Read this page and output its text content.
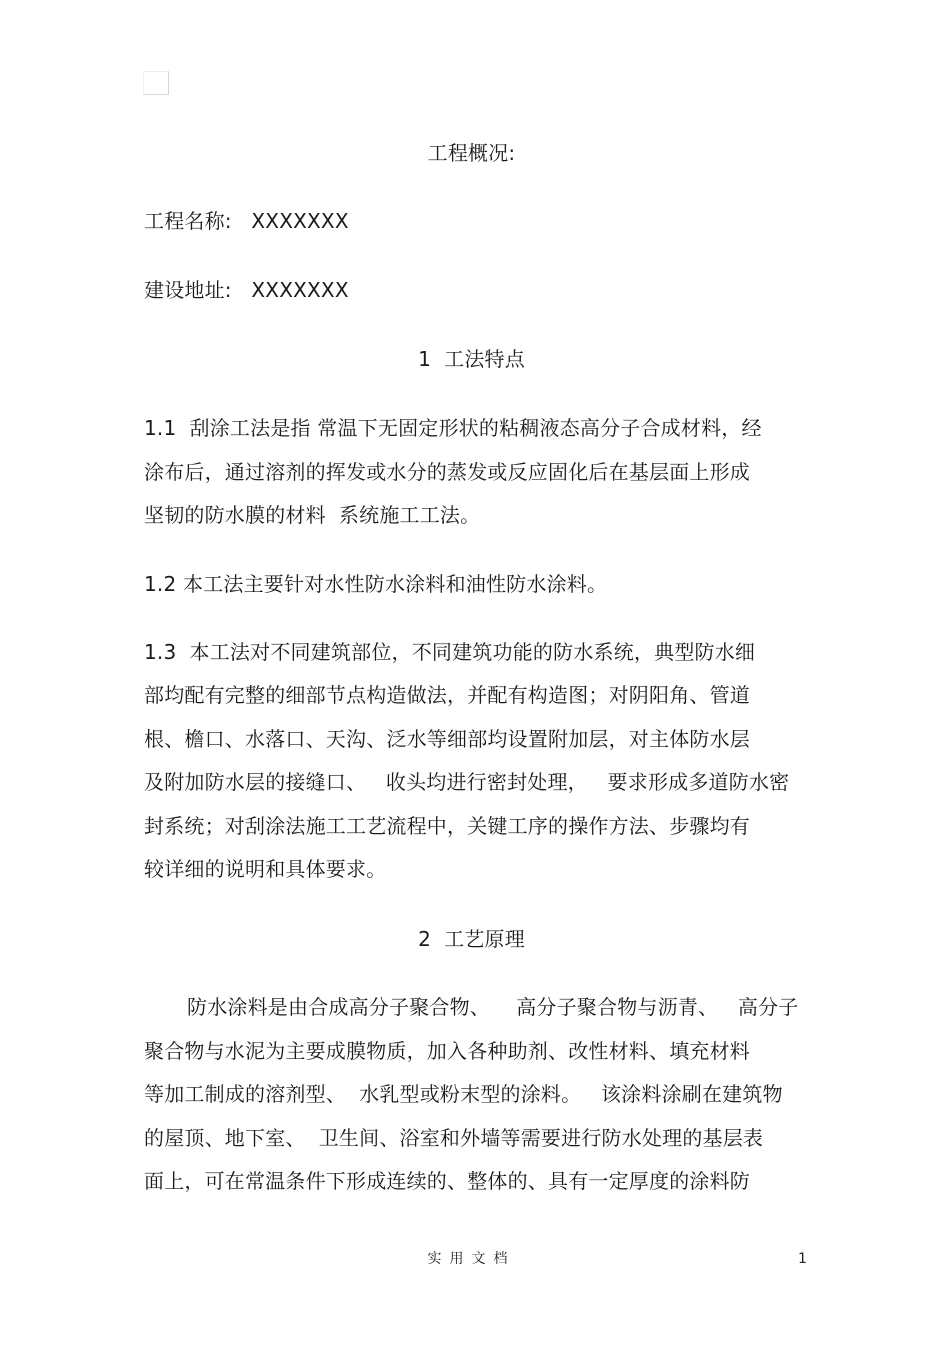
工程概况:
工程名称:   XXXXXXX
建设地址:   XXXXXXX
1  工法特点
1.1  刮涂工法是指 常温下无固定形状的粘稠液态高分子合成材料，经
涂布后，通过溶剂的挥发或水分的蒸发或反应固化后在基层面上形成
坚韧的防水膜的材料  系统施工工法。
1.2 本工法主要针对水性防水涂料和油性防水涂料。
1.3  本工法对不同建筑部位，不同建筑功能的防水系统，典型防水细
部均配有完整的细部节点构造做法，并配有构造图；对阴阳角、管道
根、檐口、水落口、天沟、泛水等细部均设置附加层，对主体防水层
及附加防水层的接缝口、   收头均进行密封处理，   要求形成多道防水密
封系统；对刮涂法施工工艺流程中，关键工序的操作方法、步骤均有
较详细的说明和具体要求。
2  工艺原理
防水涂料是由合成高分子聚合物、    高分子聚合物与沥青、   高分子
聚合物与水泥为主要成膜物质，加入各种助剂、改性材料、填充材料
等加工制成的溶剂型、  水乳型或粉末型的涂料。   该涂料涂刷在建筑物
的屋顶、地下室、  卫生间、浴室和外墙等需要进行防水处理的基层表
面上，可在常温条件下形成连续的、整体的、具有一定厚度的涂料防
实用文档	1
